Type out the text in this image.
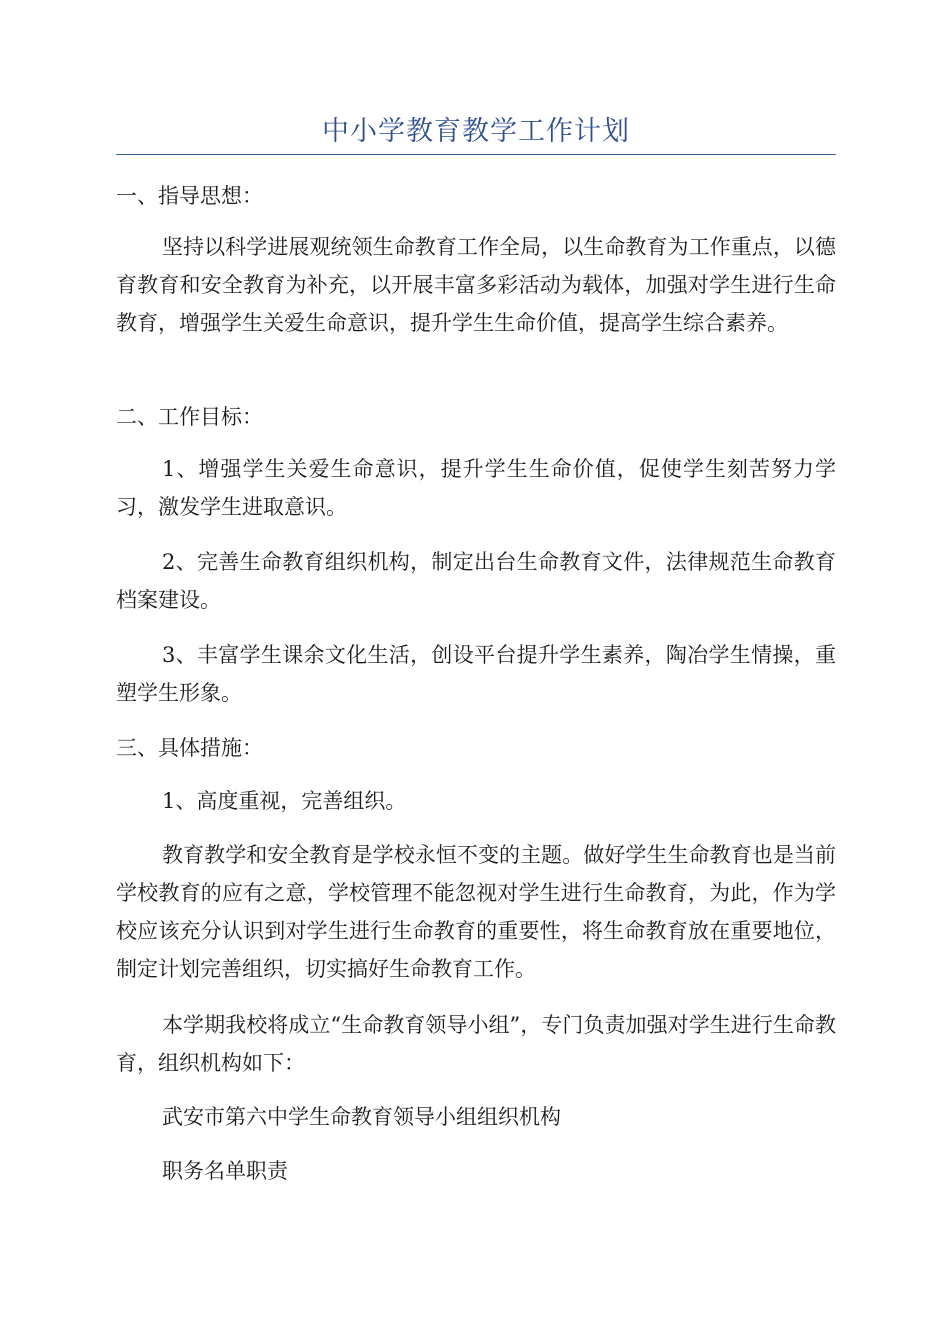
中小学教育教学工作计划

一、指导思想：

坚持以科学进展观统领生命教育工作全局，以生命教育为工作重点，以德育教育和安全教育为补充，以开展丰富多彩活动为载体，加强对学生进行生命教育，增强学生关爱生命意识，提升学生生命价值，提高学生综合素养。

二、工作目标：

1、增强学生关爱生命意识，提升学生生命价值，促使学生刻苦努力学习，激发学生进取意识。

2、完善生命教育组织机构，制定出台生命教育文件，法律规范生命教育档案建设。

3、丰富学生课余文化生活，创设平台提升学生素养，陶冶学生情操，重塑学生形象。

三、具体措施：

1、高度重视，完善组织。

教育教学和安全教育是学校永恒不变的主题。做好学生生命教育也是当前学校教育的应有之意，学校管理不能忽视对学生进行生命教育，为此，作为学校应该充分认识到对学生进行生命教育的重要性，将生命教育放在重要地位，制定计划完善组织，切实搞好生命教育工作。

本学期我校将成立“生命教育领导小组”，专门负责加强对学生进行生命教育，组织机构如下：

武安市第六中学生命教育领导小组组织机构

职务名单职责
